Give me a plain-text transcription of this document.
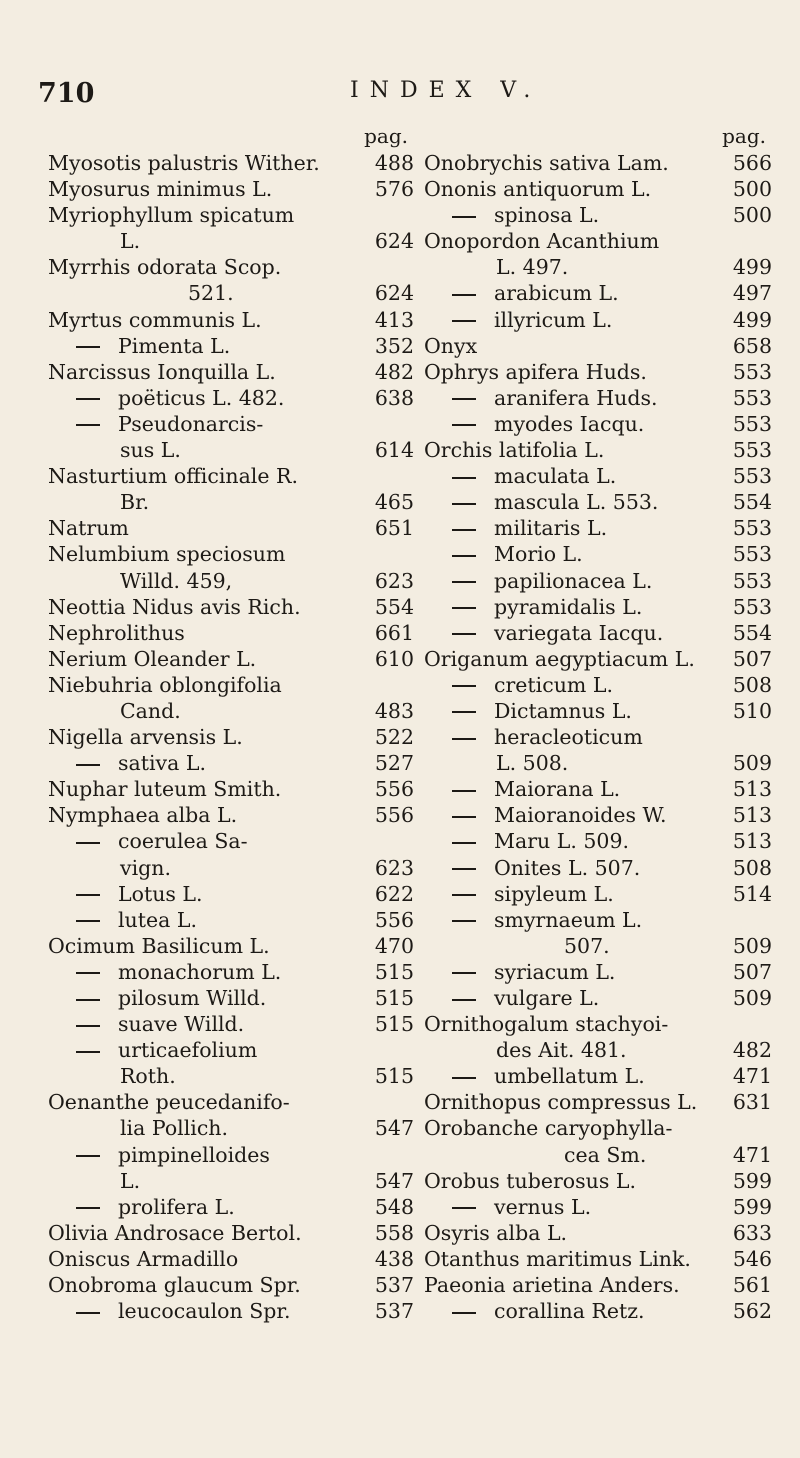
710	INDEX V.
pag.
Myosotis palustris Wither.	488
Myosurus minimus L.	576
Myriophyllum spicatum
L.	624
Myrrhis odorata Scop.
521.	624
Myrtus communis L.	413
Pimenta L.	352
Narcissus Ionquilla L.	482
poëticus L. 482.	638
Pseudonarcis-
sus L.	614
Nasturtium officinale R.
Br.	465
Natrum	651
Nelumbium speciosum
Willd. 459,	623
Neottia Nidus avis Rich.	554
Nephrolithus	661
Nerium Oleander L.	610
Niebuhria oblongifolia
Cand.	483
Nigella arvensis L.	522
sativa L.	527
Nuphar luteum Smith.	556
Nymphaea alba L.	556
coerulea Sa-
vign.	623
Lotus L.	622
lutea L.	556
Ocimum Basilicum L.	470
monachorum L.	515
pilosum Willd.	515
suave Willd.	515
urticaefolium
Roth.	515
Oenanthe peucedanifo-
lia Pollich.	547
pimpinelloides
L.	547
prolifera L.	548
Olivia Androsace Bertol.	558
Oniscus Armadillo	438
Onobroma glaucum Spr.	537
leucocaulon Spr.	537
pag.
Onobrychis sativa Lam.	566
Ononis antiquorum L.	500
spinosa L.	500
Onopordon Acanthium
L. 497.	499
arabicum L.	497
illyricum L.	499
Onyx	658
Ophrys apifera Huds.	553
aranifera Huds.	553
myodes Iacqu.	553
Orchis latifolia L.	553
maculata L.	553
mascula L. 553.	554
militaris L.	553
Morio L.	553
papilionacea L.	553
pyramidalis L.	553
variegata Iacqu.	554
Origanum aegyptiacum L. 507
creticum L.	508
Dictamnus L.	510
heracleoticum
L. 508.	509
Maiorana L.	513
Maioranoides W.	513
Maru L. 509.	513
Onites L. 507.	508
sipyleum L.	514
smyrnaeum L.
507.	509
syriacum L.	507
vulgare L.	509
Ornithogalum stachyoi-
des Ait. 481.	482
umbellatum L.	471
Ornithopus compressus L. 631
Orobanche caryophylla-
cea Sm.	471
Orobus tuberosus L.	599
vernus L.	599
Osyris alba L.	633
Otanthus maritimus Link. 546
Paeonia arietina Anders.	561
corallina Retz.	562
